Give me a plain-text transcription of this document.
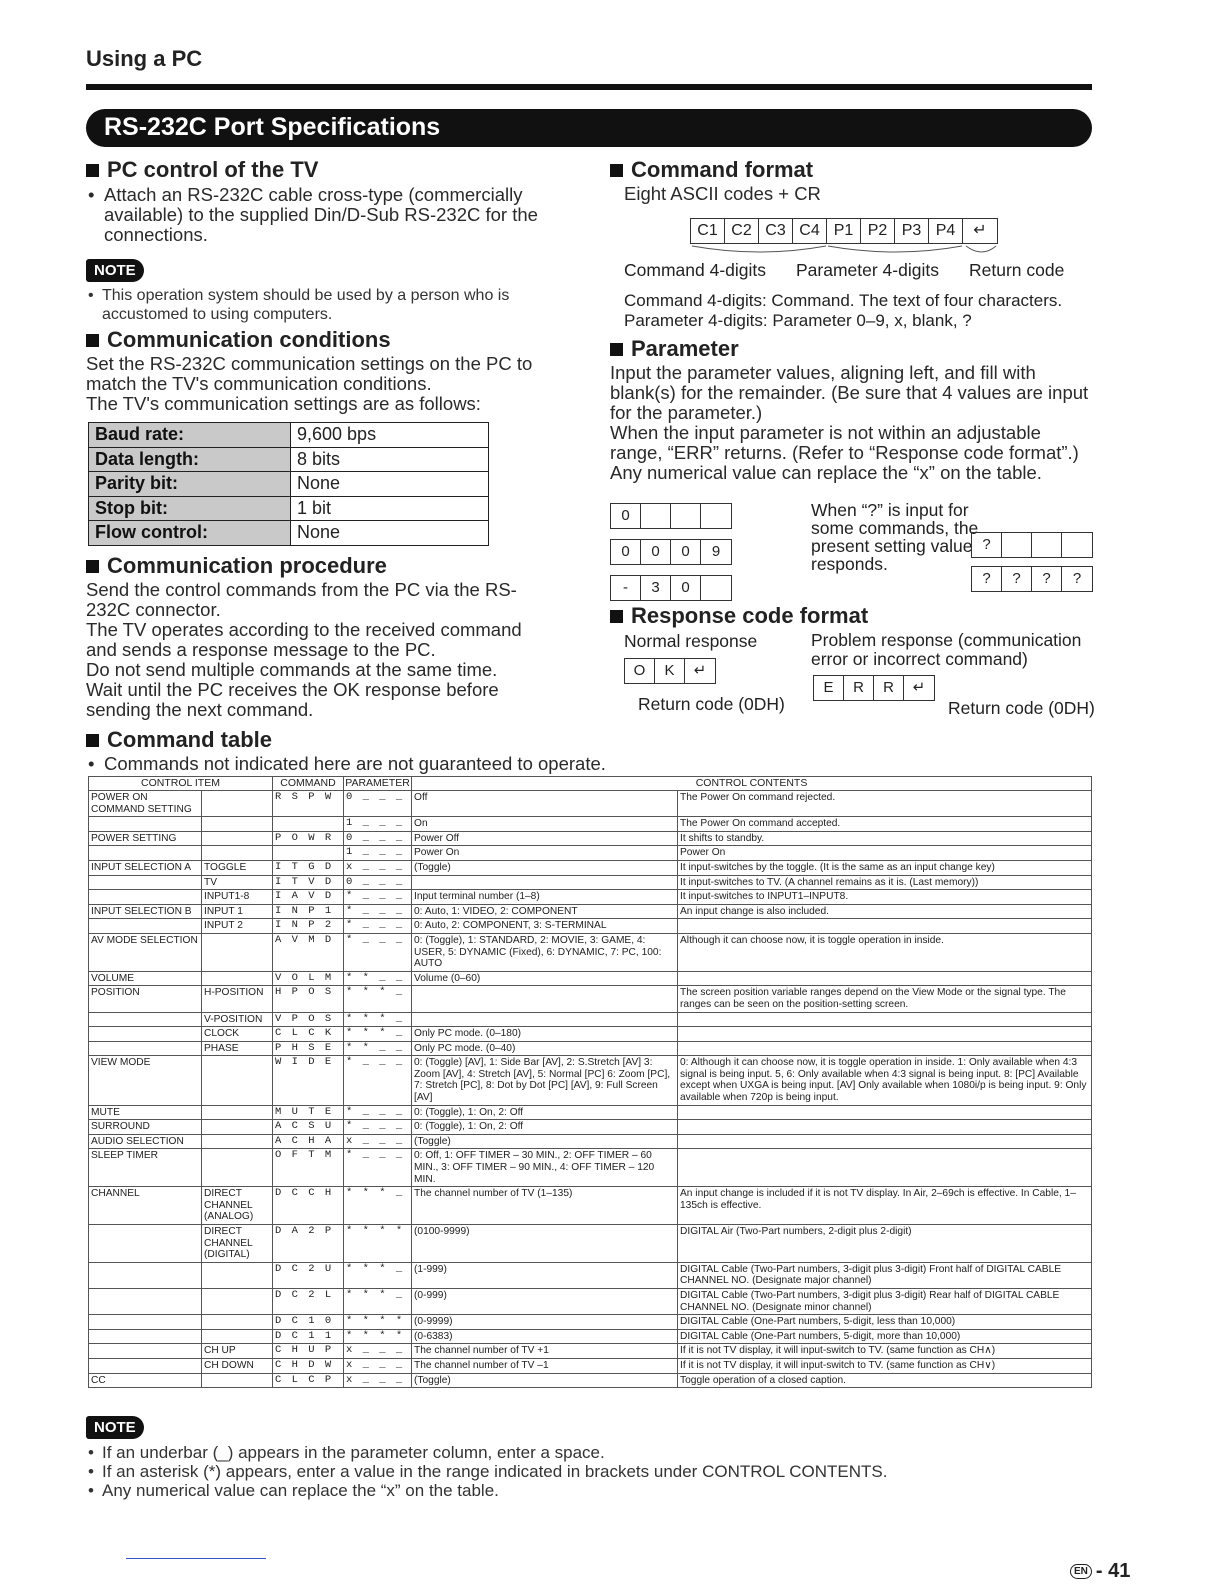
Using a PC
RS-232C Port Specifications
PC control of the TV
• Attach an RS-232C cable cross-type (commercially available) to the supplied Din/D-Sub RS-232C for the connections.
NOTE
• This operation system should be used by a person who is accustomed to using computers.
Communication conditions
Set the RS-232C communication settings on the PC to match the TV's communication conditions.
The TV's communication settings are as follows:
Baud rate:	9,600 bps
Data length:	8 bits
Parity bit:	None
Stop bit:	1 bit
Flow control:	None
Communication procedure
Send the control commands from the PC via the RS-232C connector.
The TV operates according to the received command and sends a response message to the PC.
Do not send multiple commands at the same time.
Wait until the PC receives the OK response before sending the next command.
Command format
Eight ASCII codes + CR
C1 C2 C3 C4 P1 P2 P3 P4	↵
Command 4-digits Parameter 4-digits Return code
Command 4-digits: Command. The text of four characters.
Parameter 4-digits: Parameter 0–9, x, blank, ?
Parameter
Input the parameter values, aligning left, and fill with blank(s) for the remainder. (Be sure that 4 values are input for the parameter.)
When the input parameter is not within an adjustable range, “ERR” returns. (Refer to “Response code format”.)
Any numerical value can replace the “x” on the table.
0

0	0	0	9

-	3	0
When “?” is input for some commands, the present setting value responds.
?

?	?	?	?
Response code format
Normal response	Problem response (communication error or incorrect command)
O	K	↵
E	R	R	↵
Return code (0DH)	Return code (0DH)
Command table
• Commands not indicated here are not guaranteed to operate.
CONTROL ITEM		COMMAND	PARAMETER	CONTROL CONTENTS	
POWER ON COMMAND SETTING		R S P W	0 _ _ _	Off	The Power On command rejected.
			1 _ _ _	On	The Power On command accepted.
POWER SETTING		P O W R	0 _ _ _	Power Off	It shifts to standby.
			1 _ _ _	Power On	Power On
INPUT SELECTION A	TOGGLE	I T G D	x _ _ _	(Toggle)	It input-switches by the toggle. (It is the same as an input change key)
	TV	I T V D	0 _ _ _		It input-switches to TV. (A channel remains as it is. (Last memory))
	INPUT1-8	I A V D	* _ _ _	Input terminal number (1–8)	It input-switches to INPUT1–INPUT8.
INPUT SELECTION B	INPUT 1	I N P 1	* _ _ _	0: Auto, 1: VIDEO, 2: COMPONENT	An input change is also included.
	INPUT 2	I N P 2	* _ _ _	0: Auto, 2: COMPONENT, 3: S-TERMINAL	
AV MODE SELECTION		A V M D	* _ _ _	0: (Toggle), 1: STANDARD, 2: MOVIE, 3: GAME, 4: USER, 5: DYNAMIC (Fixed), 6: DYNAMIC, 7: PC, 100: AUTO	Although it can choose now, it is toggle operation in inside.
VOLUME		V O L M	* * _ _	Volume (0–60)	
POSITION	H-POSITION	H P O S	* * * _		The screen position variable ranges depend on the View Mode or the signal type. The ranges can be seen on the position-setting screen.
	V-POSITION	V P O S	* * * _		
	CLOCK	C L C K	* * * _	Only PC mode. (0–180)	
	PHASE	P H S E	* * _ _	Only PC mode. (0–40)	
VIEW MODE		W I D E	* _ _ _	0: (Toggle) [AV], 1: Side Bar [AV], 2: S.Stretch [AV] 3: Zoom [AV], 4: Stretch [AV], 5: Normal [PC] 6: Zoom [PC], 7: Stretch [PC], 8: Dot by Dot [PC] [AV], 9: Full Screen [AV]	0: Although it can choose now, it is toggle operation in inside. 1: Only available when 4:3 signal is being input. 5, 6: Only available when 4:3 signal is being input. 8: [PC] Available except when UXGA is being input. [AV] Only available when 1080i/p is being input. 9: Only available when 720p is being input.
MUTE		M U T E	* _ _ _	0: (Toggle), 1: On, 2: Off	
SURROUND		A C S U	* _ _ _	0: (Toggle), 1: On, 2: Off	
AUDIO SELECTION		A C H A	x _ _ _	(Toggle)	
SLEEP TIMER		O F T M	* _ _ _	0: Off, 1: OFF TIMER – 30 MIN., 2: OFF TIMER – 60 MIN., 3: OFF TIMER – 90 MIN., 4: OFF TIMER – 120 MIN.	
CHANNEL	DIRECT CHANNEL (ANALOG)	D C C H	* * * _	The channel number of TV (1–135)	An input change is included if it is not TV display. In Air, 2–69ch is effective. In Cable, 1–135ch is effective.
	DIRECT CHANNEL (DIGITAL)	D A 2 P	* * * *	(0100-9999)	DIGITAL Air (Two-Part numbers, 2-digit plus 2-digit)
		D C 2 U	* * * _	(1-999)	DIGITAL Cable (Two-Part numbers, 3-digit plus 3-digit) Front half of DIGITAL CABLE CHANNEL NO. (Designate major channel)
		D C 2 L	* * * _	(0-999)	DIGITAL Cable (Two-Part numbers, 3-digit plus 3-digit) Rear half of DIGITAL CABLE CHANNEL NO. (Designate minor channel)
		D C 1 0	* * * *	(0-9999)	DIGITAL Cable (One-Part numbers, 5-digit, less than 10,000)
		D C 1 1	* * * *	(0-6383)	DIGITAL Cable (One-Part numbers, 5-digit, more than 10,000)
	CH UP	C H U P	x _ _ _	The channel number of TV +1	If it is not TV display, it will input-switch to TV. (same function as CH∧)
	CH DOWN	C H D W	x _ _ _	The channel number of TV –1	If it is not TV display, it will input-switch to TV. (same function as CH∨)
CC		C L C P	x _ _ _	(Toggle)	Toggle operation of a closed caption.
NOTE
• If an underbar (_) appears in the parameter column, enter a space.
• If an asterisk (*) appears, enter a value in the range indicated in brackets under CONTROL CONTENTS.
• Any numerical value can replace the “x” on the table.
EN - 41
